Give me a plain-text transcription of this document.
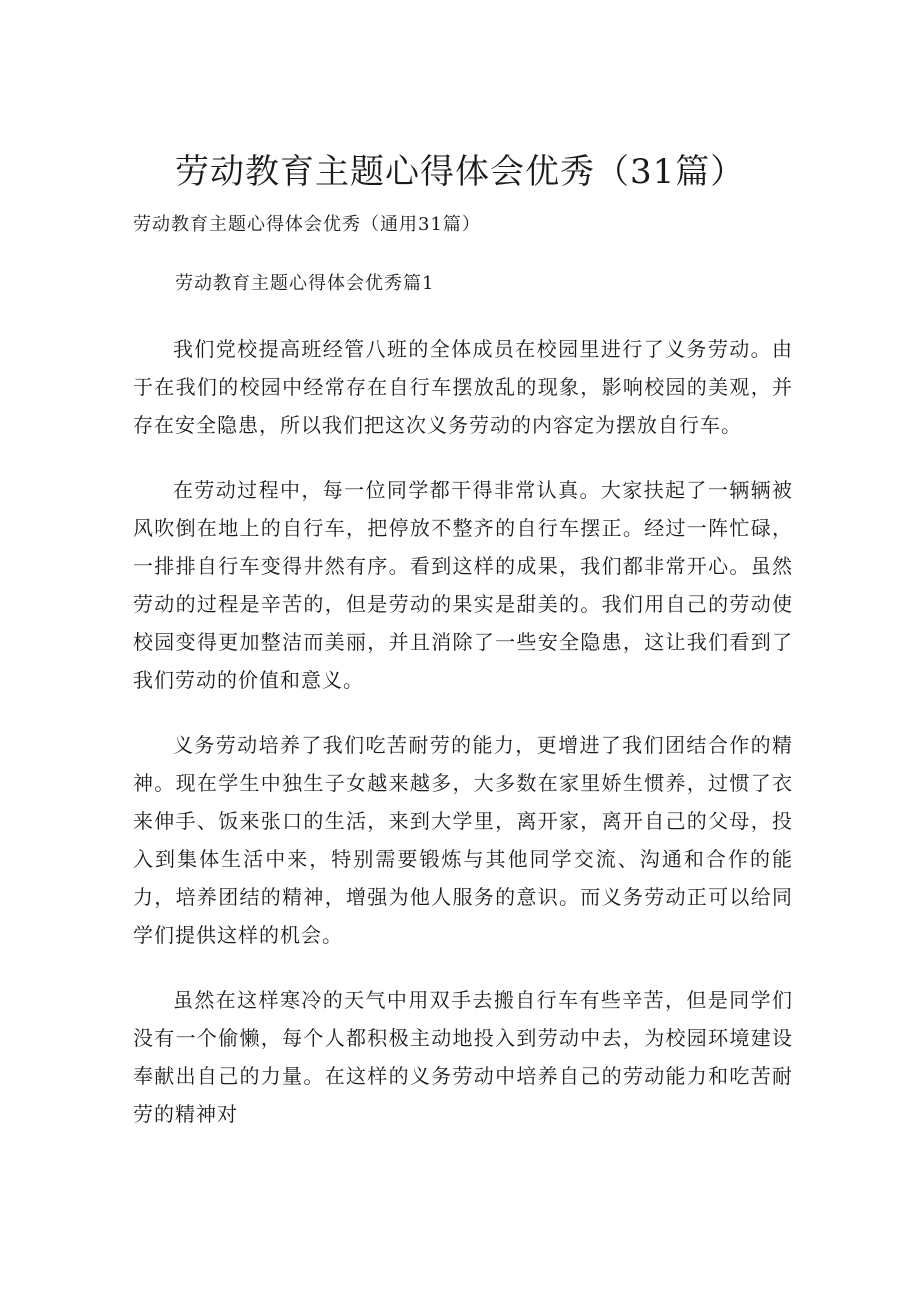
劳动教育主题心得体会优秀（31篇）

劳动教育主题心得体会优秀（通用31篇）

劳动教育主题心得体会优秀篇1

我们党校提高班经管八班的全体成员在校园里进行了义务劳动。由于在我们的校园中经常存在自行车摆放乱的现象，影响校园的美观，并存在安全隐患，所以我们把这次义务劳动的内容定为摆放自行车。

在劳动过程中，每一位同学都干得非常认真。大家扶起了一辆辆被风吹倒在地上的自行车，把停放不整齐的自行车摆正。经过一阵忙碌，一排排自行车变得井然有序。看到这样的成果，我们都非常开心。虽然劳动的过程是辛苦的，但是劳动的果实是甜美的。我们用自己的劳动使校园变得更加整洁而美丽，并且消除了一些安全隐患，这让我们看到了我们劳动的价值和意义。

义务劳动培养了我们吃苦耐劳的能力，更增进了我们团结合作的精神。现在学生中独生子女越来越多，大多数在家里娇生惯养，过惯了衣来伸手、饭来张口的生活，来到大学里，离开家，离开自己的父母，投入到集体生活中来，特别需要锻炼与其他同学交流、沟通和合作的能力，培养团结的精神，增强为他人服务的意识。而义务劳动正可以给同学们提供这样的机会。

虽然在这样寒冷的天气中用双手去搬自行车有些辛苦，但是同学们没有一个偷懒，每个人都积极主动地投入到劳动中去，为校园环境建设奉献出自己的力量。在这样的义务劳动中培养自己的劳动能力和吃苦耐劳的精神对
